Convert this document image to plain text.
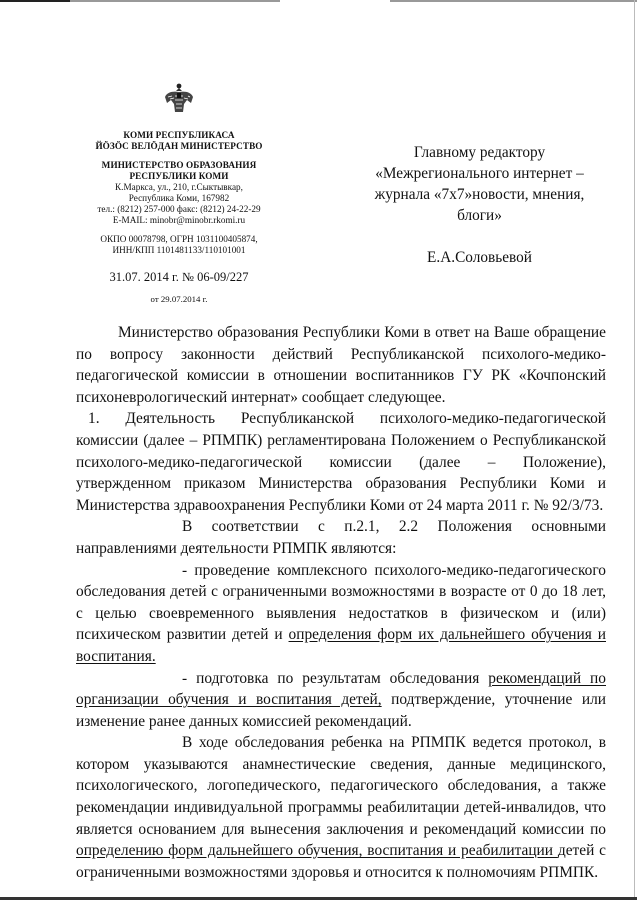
КОМИ РЕСПУБЛИКАСА
ЙÖЗÖС ВЕЛÖДАН МИНИСТЕРСТВО
МИНИСТЕРСТВО ОБРАЗОВАНИЯ
РЕСПУБЛИКИ КОМИ
К.Маркса, ул., 210, г.Сыктывкар,
Республика Коми, 167982
тел.: (8212) 257-000 факс: (8212) 24-22-29
E-MAIL: minobr@minobr.rkomi.ru
ОКПО 00078798, ОГРН 1031100405874,
ИНН/КПП 1101481133/110101001
31.07. 2014 г. № 06-09/227
от 29.07.2014 г.
Главному редактору
«Межрегионального интернет –
журнала «7х7»новости, мнения,
блоги»
Е.А.Соловьевой

Министерство образования Республики Коми в ответ на Ваше обращение по вопросу законности действий Республиканской психолого-медико-педагогической комиссии в отношении воспитанников ГУ РК «Кочпонский психоневрологический интернат» сообщает следующее.

1. Деятельность Республиканской психолого-медико-педагогической комиссии (далее – РПМПК) регламентирована Положением о Республиканской психолого-медико-педагогической комиссии (далее – Положение), утвержденном приказом Министерства образования Республики Коми и Министерства здравоохранения Республики Коми от 24 марта 2011 г. № 92/3/73.

В соответствии с п.2.1, 2.2 Положения основными направлениями деятельности РПМПК являются:

- проведение комплексного психолого-медико-педагогического обследования детей с ограниченными возможностями в возрасте от 0 до 18 лет, с целью своевременного выявления недостатков в физическом и (или) психическом развитии детей и определения форм их дальнейшего обучения и воспитания.

- подготовка по результатам обследования рекомендаций по организации обучения и воспитания детей, подтверждение, уточнение или изменение ранее данных комиссией рекомендаций.

В ходе обследования ребенка на РПМПК ведется протокол, в котором указываются анамнестические сведения, данные медицинского, психологического, логопедического, педагогического обследования, а также рекомендации индивидуальной программы реабилитации детей-инвалидов, что является основанием для вынесения заключения и рекомендаций комиссии по определению форм дальнейшего обучения, воспитания и реабилитации детей с ограниченными возможностями здоровья и относится к полномочиям РПМПК.
